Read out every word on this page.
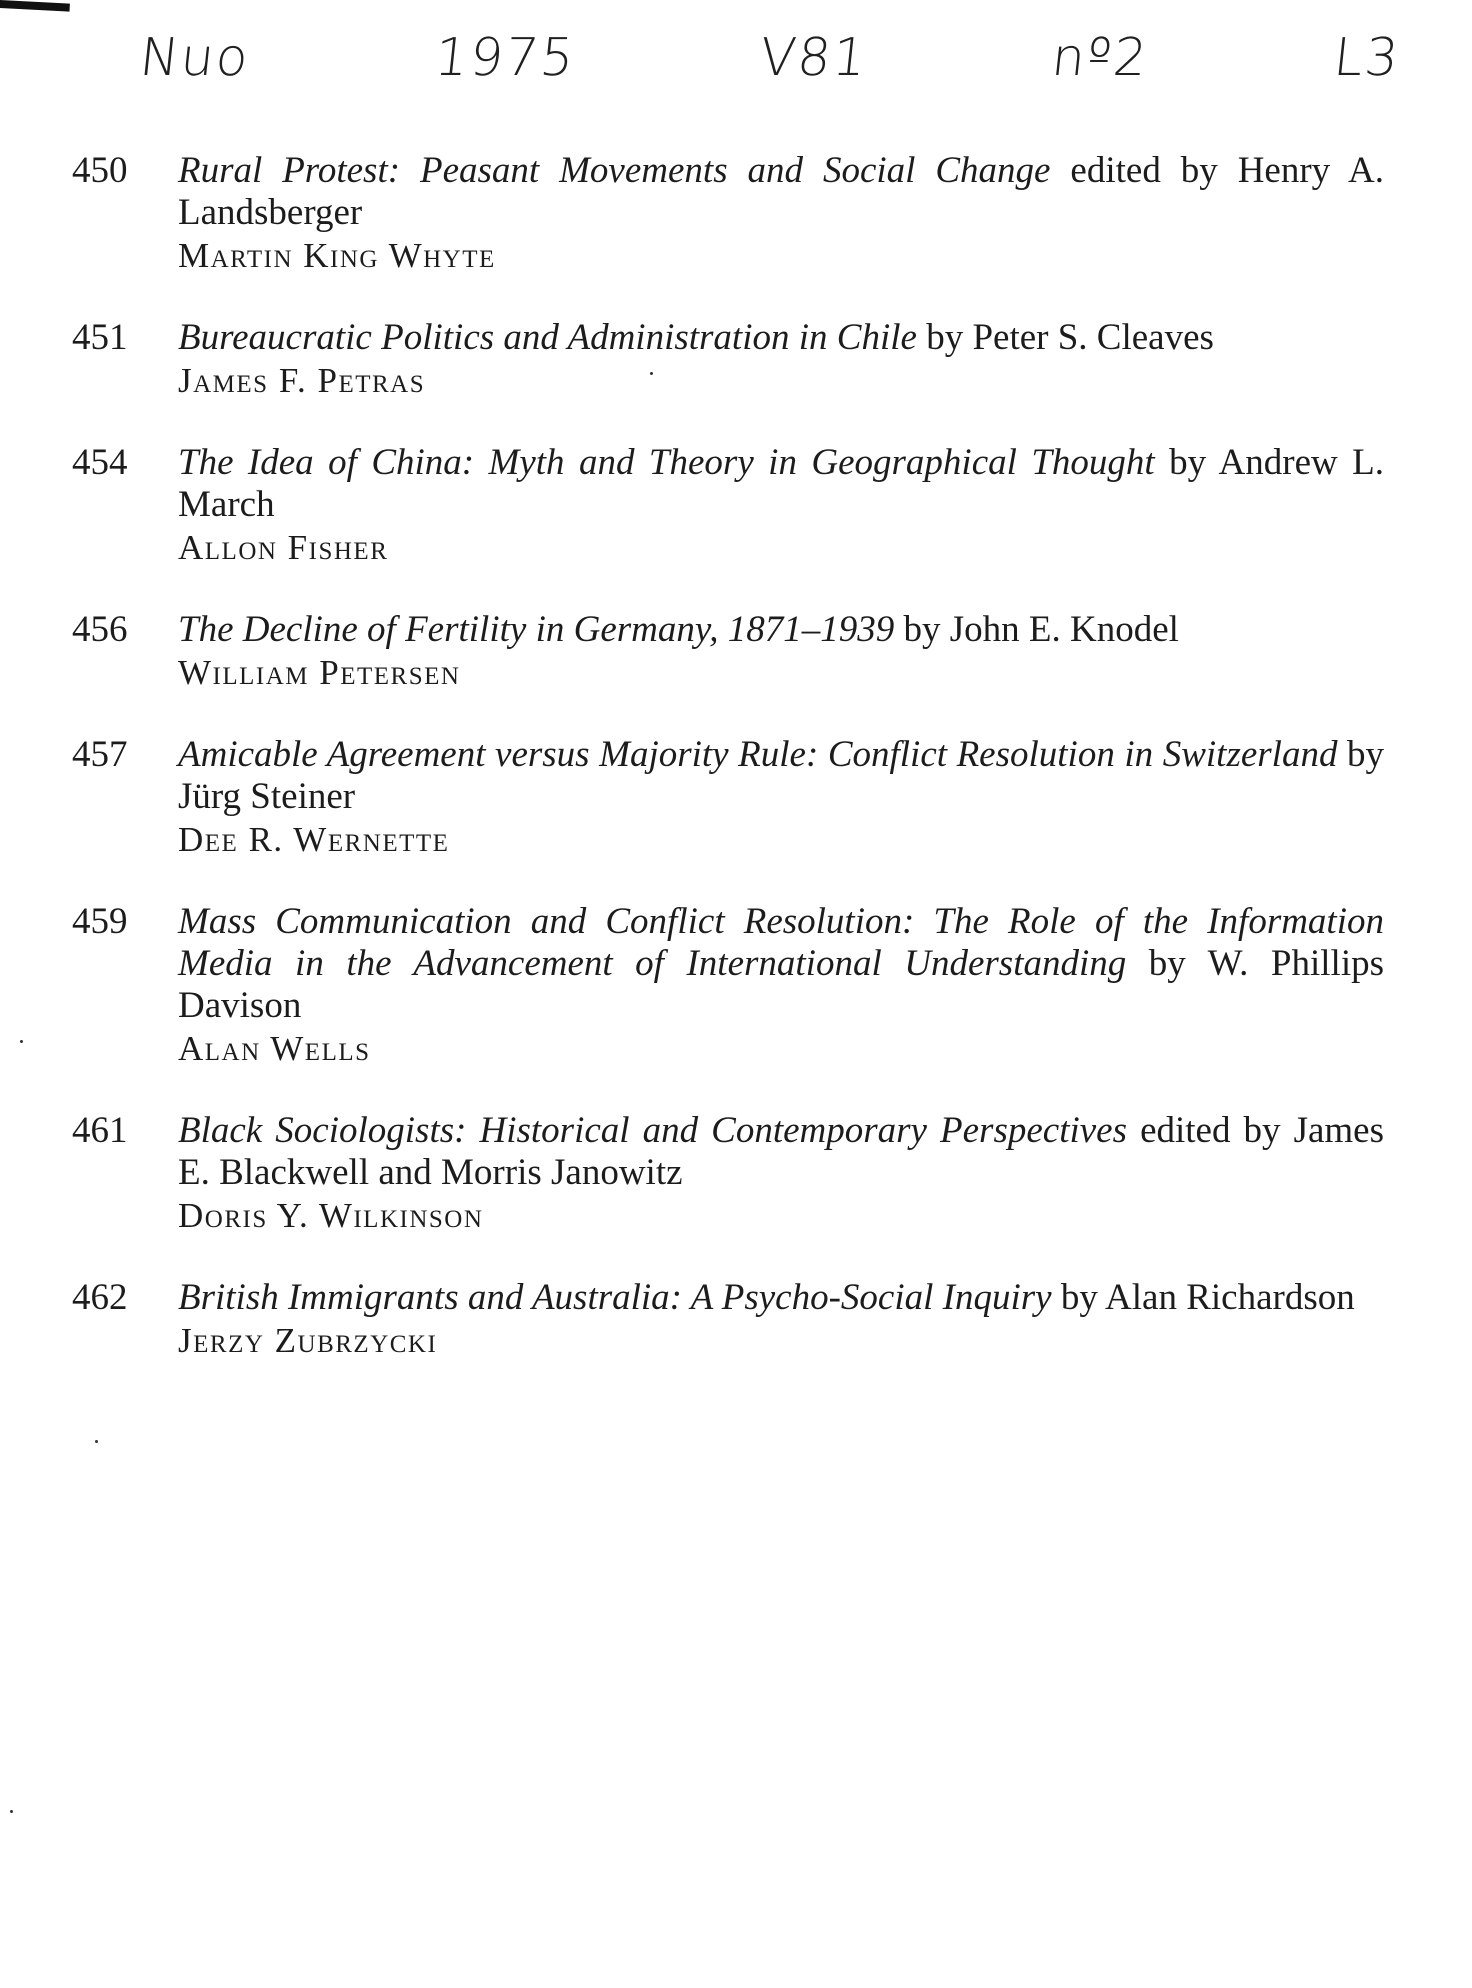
Nuo	1975	V81	nº2	L3
450	Rural Protest: Peasant Movements and Social Change edited by Henry A. Landsberger
Martin King Whyte
451	Bureaucratic Politics and Administration in Chile by Peter S. Cleaves
James F. Petras
454	The Idea of China: Myth and Theory in Geographical Thought by Andrew L. March
Allon Fisher
456	The Decline of Fertility in Germany, 1871–1939 by John E. Knodel
William Petersen
457	Amicable Agreement versus Majority Rule: Conflict Resolution in Switzerland by Jürg Steiner
Dee R. Wernette
459	Mass Communication and Conflict Resolution: The Role of the Information Media in the Advancement of International Understanding by W. Phillips Davison
Alan Wells
461	Black Sociologists: Historical and Contemporary Perspectives edited by James E. Blackwell and Morris Janowitz
Doris Y. Wilkinson
462	British Immigrants and Australia: A Psycho-Social Inquiry by Alan Richardson
Jerzy Zubrzycki
